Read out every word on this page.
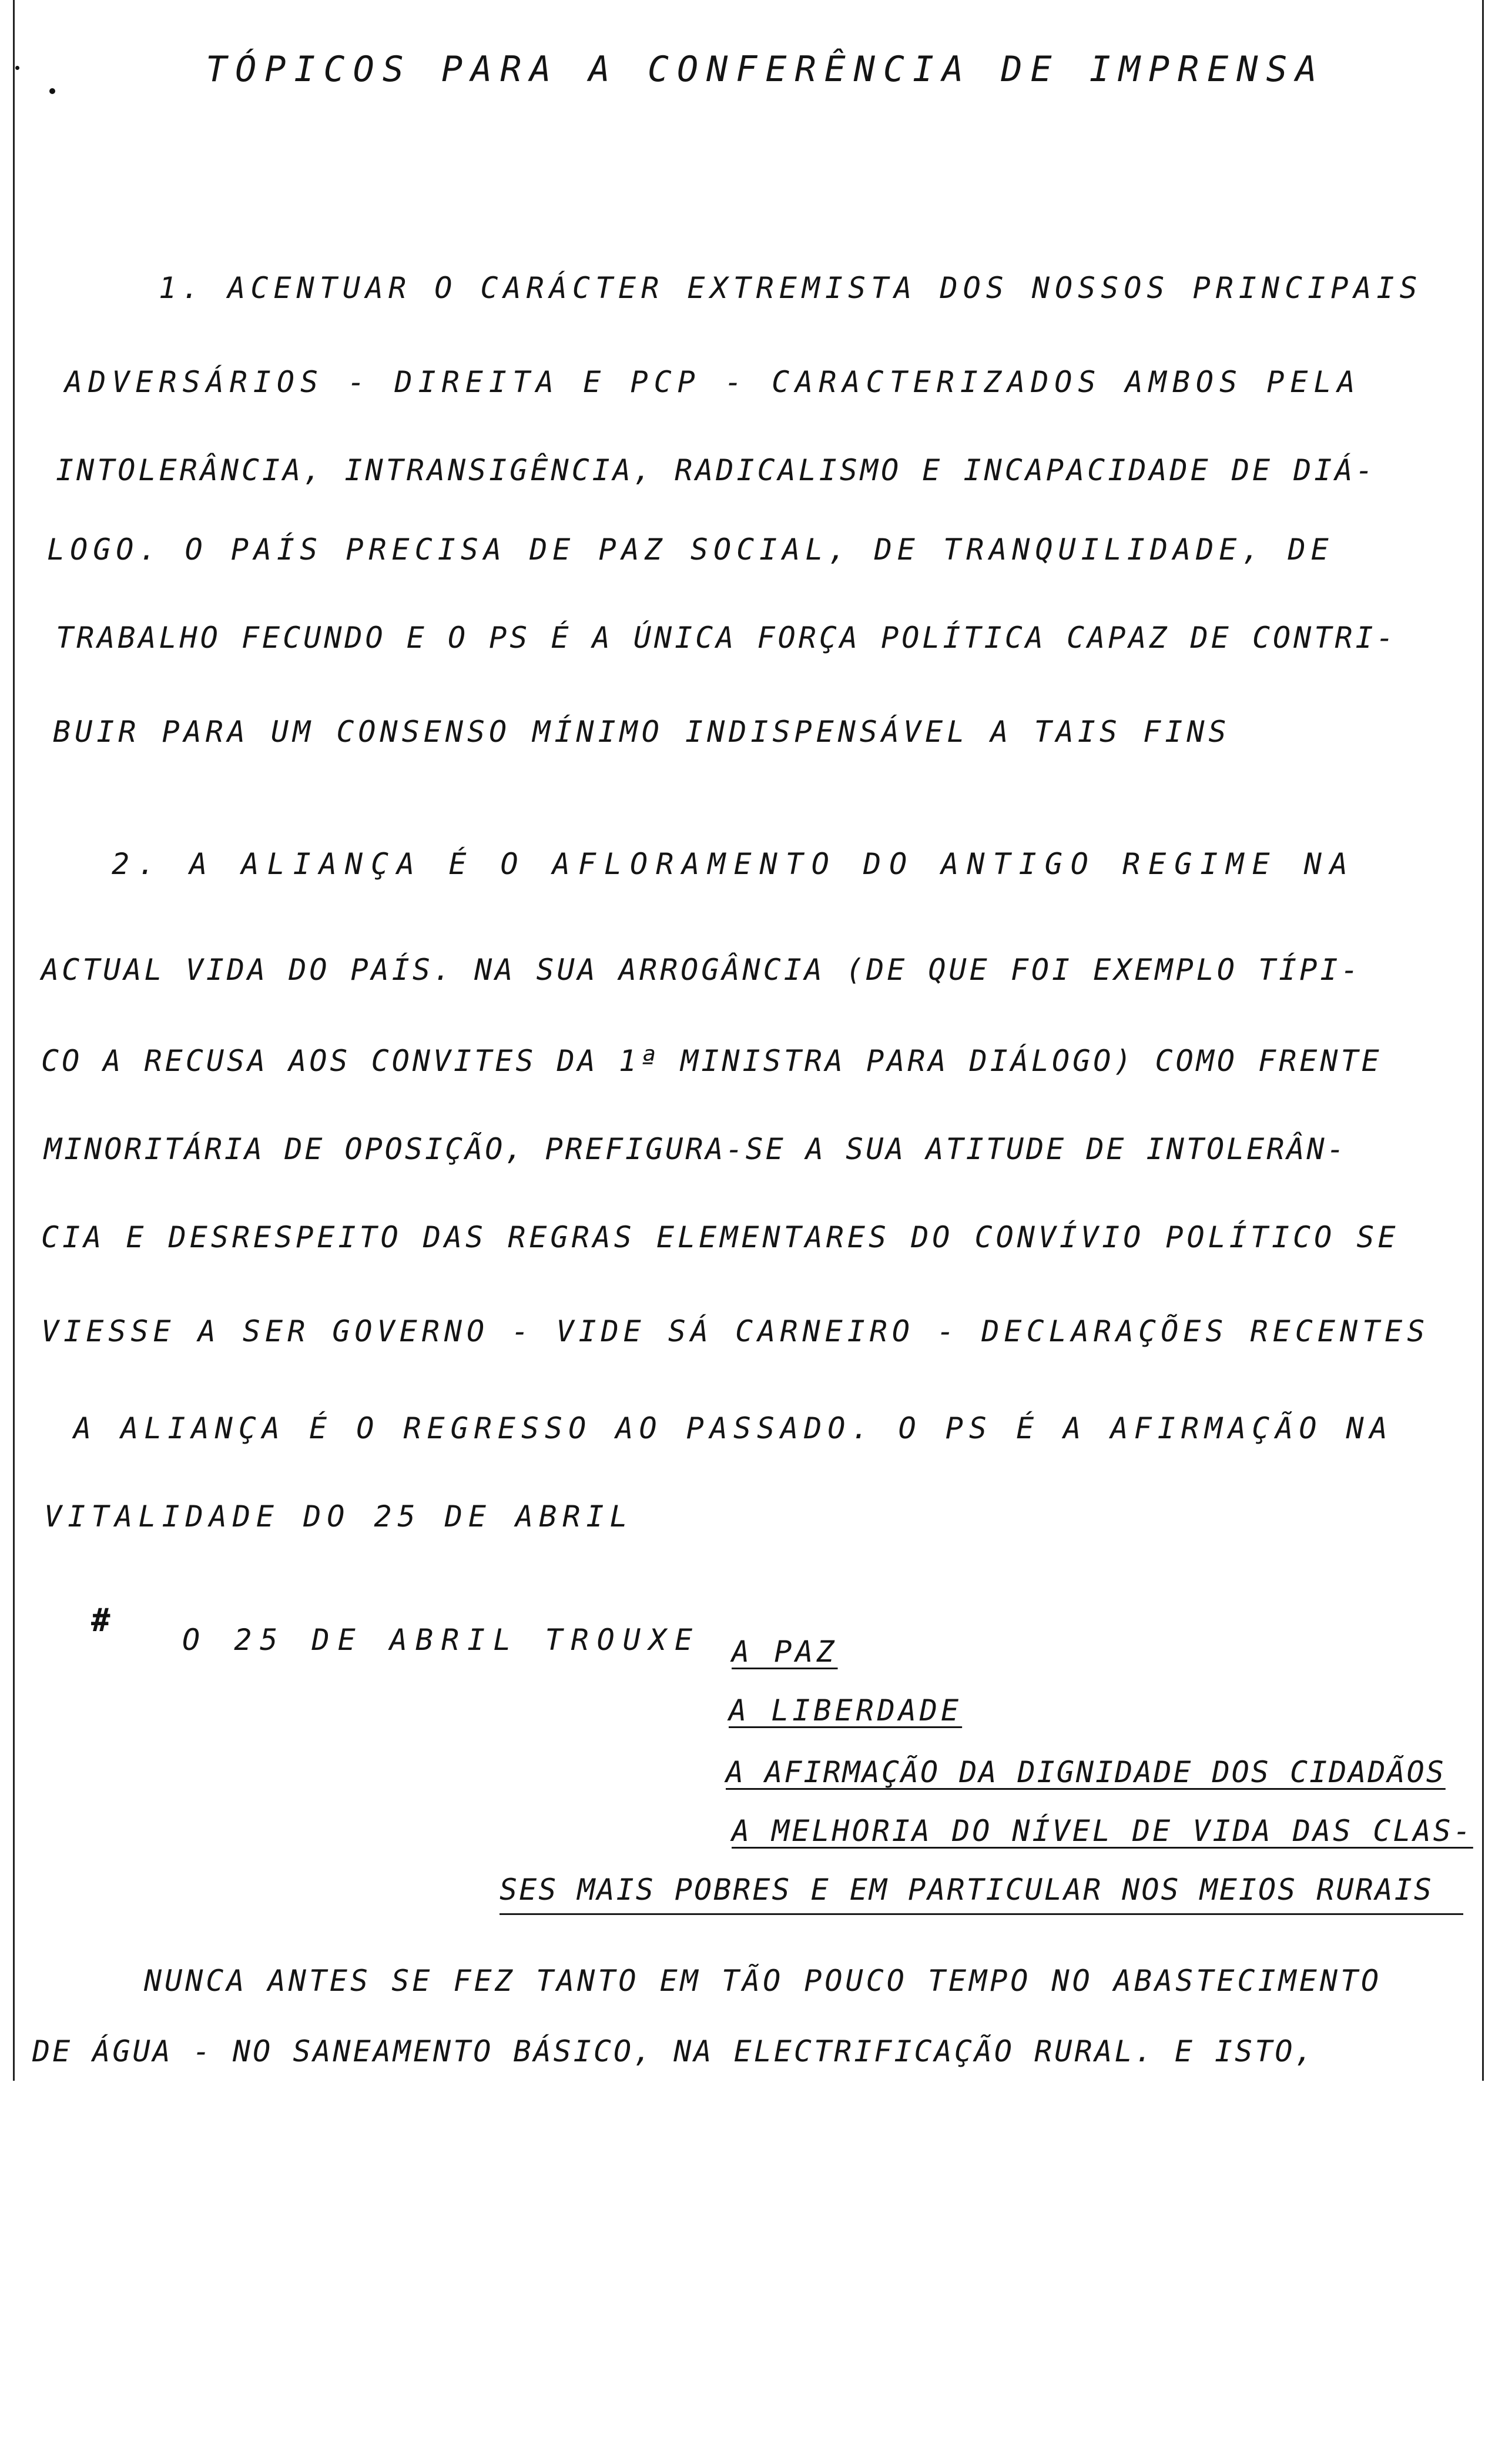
TÓPICOS PARA A CONFERÊNCIA DE IMPRENSA
1. ACENTUAR O CARÁCTER EXTREMISTA DOS NOSSOS PRINCIPAIS
ADVERSÁRIOS - DIREITA E PCP - CARACTERIZADOS AMBOS PELA
INTOLERÂNCIA, INTRANSIGÊNCIA, RADICALISMO E INCAPACIDADE DE DIÁ-
LOGO. O PAÍS PRECISA DE PAZ SOCIAL, DE TRANQUILIDADE, DE
TRABALHO FECUNDO E O PS É A ÚNICA FORÇA POLÍTICA CAPAZ DE CONTRI-
BUIR PARA UM CONSENSO MÍNIMO INDISPENSÁVEL A TAIS FINS
2. A ALIANÇA É O AFLORAMENTO DO ANTIGO REGIME NA
ACTUAL VIDA DO PAÍS. NA SUA ARROGÂNCIA (DE QUE FOI EXEMPLO TÍPI-
CO A RECUSA AOS CONVITES DA 1ª MINISTRA PARA DIÁLOGO) COMO FRENTE
MINORITÁRIA DE OPOSIÇÃO, PREFIGURA-SE A SUA ATITUDE DE INTOLERÂN-
CIA E DESRESPEITO DAS REGRAS ELEMENTARES DO CONVÍVIO POLÍTICO SE
VIESSE A SER GOVERNO - VIDE SÁ CARNEIRO - DECLARAÇÕES RECENTES
A ALIANÇA É O REGRESSO AO PASSADO. O PS É A AFIRMAÇÃO NA
VITALIDADE DO 25 DE ABRIL
#
O 25 DE ABRIL TROUXE A PAZ
A LIBERDADE
A AFIRMAÇÃO DA DIGNIDADE DOS CIDADÃOS
A MELHORIA DO NÍVEL DE VIDA DAS CLAS-
SES MAIS POBRES E EM PARTICULAR NOS MEIOS RURAIS
NUNCA ANTES SE FEZ TANTO EM TÃO POUCO TEMPO NO ABASTECIMENTO
DE ÁGUA - NO SANEAMENTO BÁSICO, NA ELECTRIFICAÇÃO RURAL. E ISTO,
